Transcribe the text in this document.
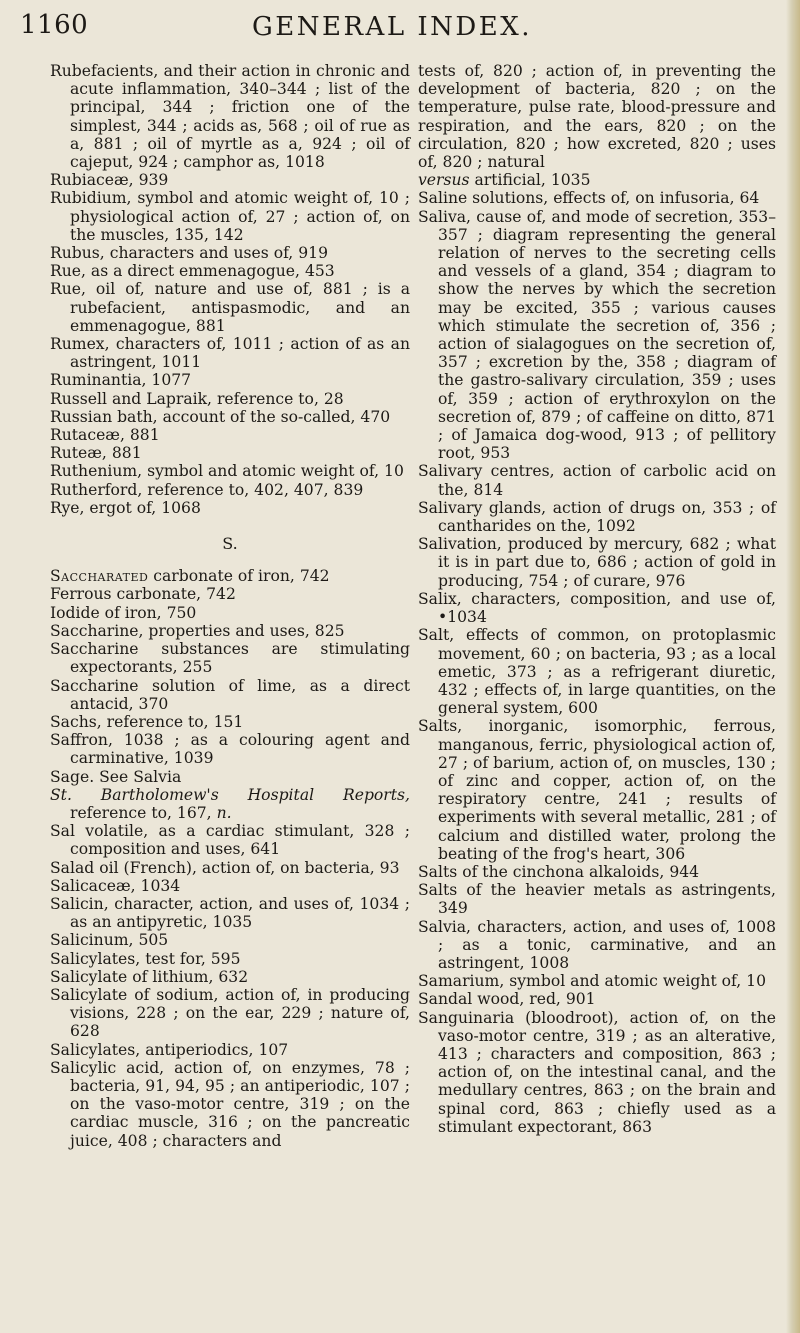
1160	GENERAL INDEX.

Rubefacients, and their action in chronic and acute inflammation, 340–344 ; list of the principal, 344 ; friction one of the simplest, 344 ; acids as, 568 ; oil of rue as a, 881 ; oil of myrtle as a, 924 ; oil of cajeput, 924 ; camphor as, 1018

Rubiaceæ, 939

Rubidium, symbol and atomic weight of, 10 ; physiological action of, 27 ; action of, on the muscles, 135, 142

Rubus, characters and uses of, 919

Rue, as a direct emmenagogue, 453

Rue, oil of, nature and use of, 881 ; is a rubefacient, antispasmodic, and an emmenagogue, 881

Rumex, characters of, 1011 ; action of as an astringent, 1011

Ruminantia, 1077

Russell and Lapraik, reference to, 28

Russian bath, account of the so-called, 470

Rutaceæ, 881

Ruteæ, 881

Ruthenium, symbol and atomic weight of, 10

Rutherford, reference to, 402, 407, 839

Rye, ergot of, 1068

S.

Saccharated carbonate of iron, 742

Ferrous carbonate, 742

Iodide of iron, 750

Saccharine, properties and uses, 825

Saccharine substances are stimulating expectorants, 255

Saccharine solution of lime, as a direct antacid, 370

Sachs, reference to, 151

Saffron, 1038 ; as a colouring agent and carminative, 1039

Sage. See Salvia

St. Bartholomew's Hospital Reports, reference to, 167, n.

Sal volatile, as a cardiac stimulant, 328 ; composition and uses, 641

Salad oil (French), action of, on bacteria, 93

Salicaceæ, 1034

Salicin, character, action, and uses of, 1034 ; as an antipyretic, 1035

Salicinum, 505

Salicylates, test for, 595

Salicylate of lithium, 632

Salicylate of sodium, action of, in producing visions, 228 ; on the ear, 229 ; nature of, 628

Salicylates, antiperiodics, 107

Salicylic acid, action of, on enzymes, 78 ; bacteria, 91, 94, 95 ; an antiperiodic, 107 ; on the vaso-motor centre, 319 ; on the cardiac muscle, 316 ; on the pancreatic juice, 408 ; characters and

tests of, 820 ; action of, in preventing the development of bacteria, 820 ; on the temperature, pulse rate, blood-pressure and respiration, and the ears, 820 ; on the circulation, 820 ; how excreted, 820 ; uses of, 820 ; natural

versus artificial, 1035

Saline solutions, effects of, on infusoria, 64

Saliva, cause of, and mode of secretion, 353–357 ; diagram representing the general relation of nerves to the secreting cells and vessels of a gland, 354 ; diagram to show the nerves by which the secretion may be excited, 355 ; various causes which stimulate the secretion of, 356 ; action of sialagogues on the secretion of, 357 ; excretion by the, 358 ; diagram of the gastro-salivary circulation, 359 ; uses of, 359 ; action of erythroxylon on the secretion of, 879 ; of caffeine on ditto, 871 ; of Jamaica dog-wood, 913 ; of pellitory root, 953

Salivary centres, action of carbolic acid on the, 814

Salivary glands, action of drugs on, 353 ; of cantharides on the, 1092

Salivation, produced by mercury, 682 ; what it is in part due to, 686 ; action of gold in producing, 754 ; of curare, 976

Salix, characters, composition, and use of, •1034

Salt, effects of common, on protoplasmic movement, 60 ; on bacteria, 93 ; as a local emetic, 373 ; as a refrigerant diuretic, 432 ; effects of, in large quantities, on the general system, 600

Salts, inorganic, isomorphic, ferrous, manganous, ferric, physiological action of, 27 ; of barium, action of, on muscles, 130 ; of zinc and copper, action of, on the respiratory centre, 241 ; results of experiments with several metallic, 281 ; of calcium and distilled water, prolong the beating of the frog's heart, 306

Salts of the cinchona alkaloids, 944

Salts of the heavier metals as astringents, 349

Salvia, characters, action, and uses of, 1008 ; as a tonic, carminative, and an astringent, 1008

Samarium, symbol and atomic weight of, 10

Sandal wood, red, 901

Sanguinaria (bloodroot), action of, on the vaso-motor centre, 319 ; as an alterative, 413 ; characters and composition, 863 ; action of, on the intestinal canal, and the medullary centres, 863 ; on the brain and spinal cord, 863 ; chiefly used as a stimulant expectorant, 863
